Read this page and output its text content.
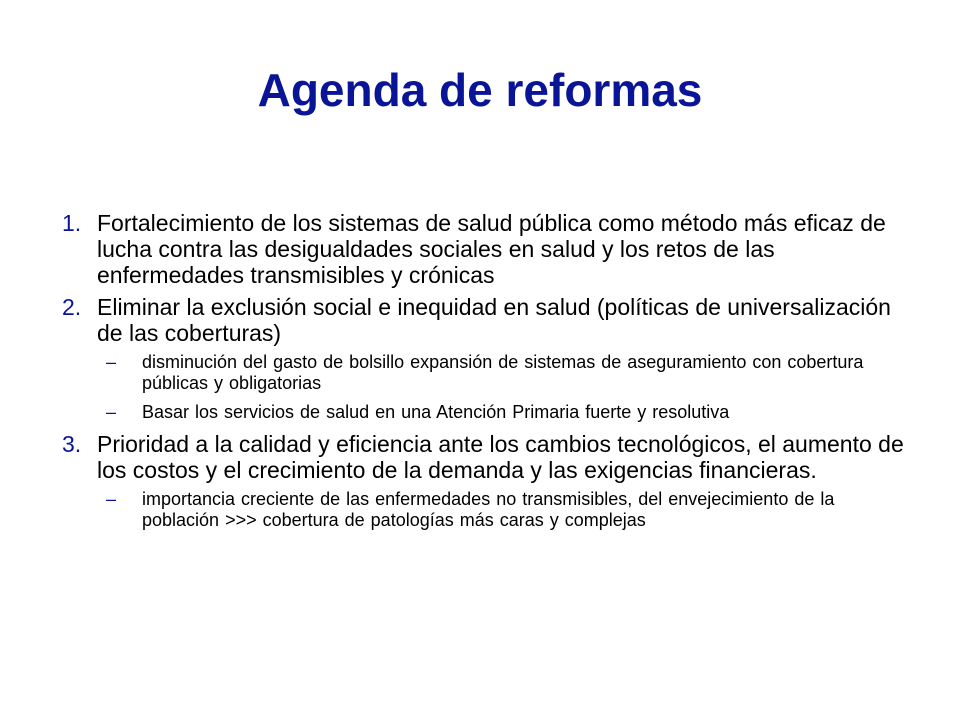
Agenda de reformas
1. Fortalecimiento de los sistemas de salud pública como método más eficaz de lucha contra las desigualdades sociales en salud y los retos de las enfermedades transmisibles y crónicas
2. Eliminar la exclusión social e inequidad en salud (políticas de universalización de las coberturas)
– disminución del gasto de bolsillo expansión de sistemas de aseguramiento con cobertura públicas y obligatorias
– Basar los servicios de salud en una Atención Primaria fuerte y resolutiva
3. Prioridad a la calidad y eficiencia ante los cambios tecnológicos, el aumento de los costos y el crecimiento de la demanda y las exigencias financieras.
– importancia creciente de las enfermedades no transmisibles, del envejecimiento de la población >>> cobertura de patologías más caras y complejas
